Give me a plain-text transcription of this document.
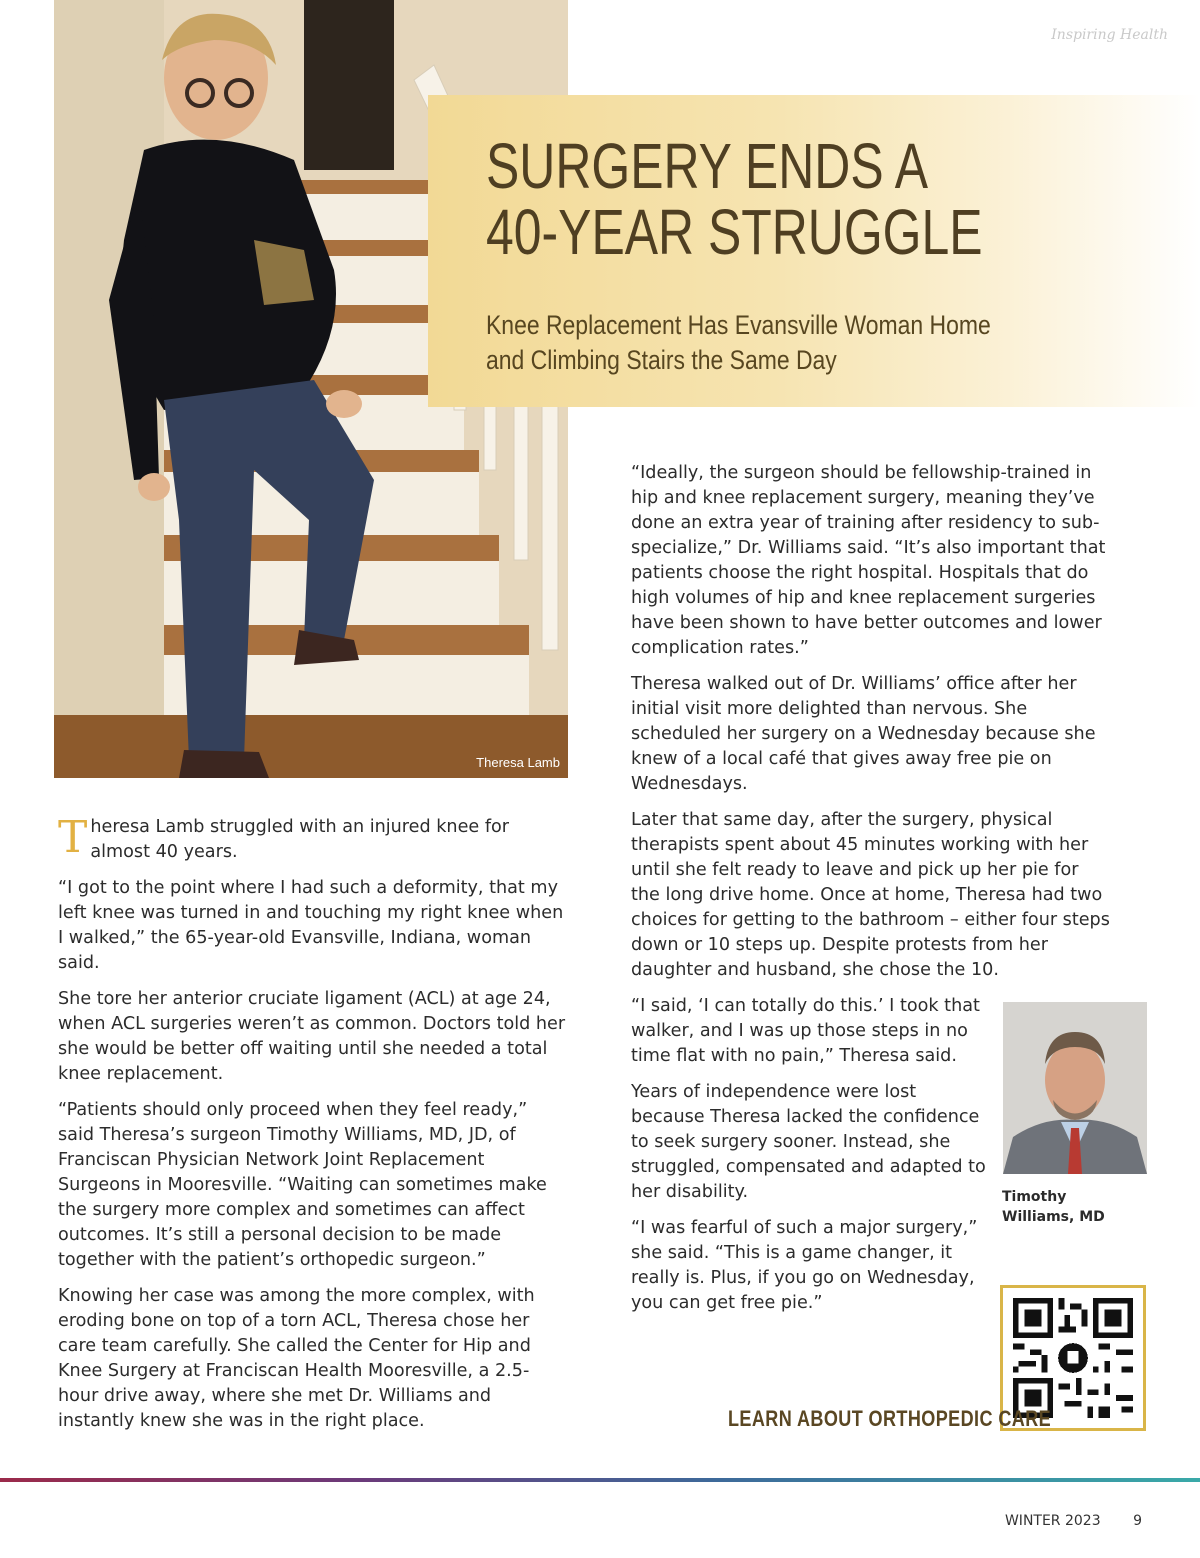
Inspiring Health
Theresa Lamb
SURGERY ENDS A
40-YEAR STRUGGLE
Knee Replacement Has Evansville Woman Home
and Climbing Stairs the Same Day

Theresa Lamb struggled with an injured knee for almost 40 years.

“I got to the point where I had such a deformity, that my left knee was turned in and touching my right knee when I walked,” the 65-year-old Evansville, Indiana, woman said.

She tore her anterior cruciate ligament (ACL) at age 24, when ACL surgeries weren’t as common. Doctors told her she would be better off waiting until she needed a total knee replacement.

“Patients should only proceed when they feel ready,” said Theresa’s surgeon Timothy Williams, MD, JD, of Franciscan Physician Network Joint Replacement Surgeons in Mooresville. “Waiting can sometimes make the surgery more complex and sometimes can affect outcomes. It’s still a personal decision to be made together with the patient’s orthopedic surgeon.”

Knowing her case was among the more complex, with eroding bone on top of a torn ACL, Theresa chose her care team carefully. She called the Center for Hip and Knee Surgery at Franciscan Health Mooresville, a 2.5-hour drive away, where she met Dr. Williams and instantly knew she was in the right place.

“Ideally, the surgeon should be fellowship-trained in hip and knee replacement surgery, meaning they’ve done an extra year of training after residency to sub-specialize,” Dr. Williams said. “It’s also important that patients choose the right hospital. Hospitals that do high volumes of hip and knee replacement surgeries have been shown to have better outcomes and lower complication rates.”

Theresa walked out of Dr. Williams’ office after her initial visit more delighted than nervous. She scheduled her surgery on a Wednesday because she knew of a local café that gives away free pie on Wednesdays.

Later that same day, after the surgery, physical therapists spent about 45 minutes working with her until she felt ready to leave and pick up her pie for the long drive home. Once at home, Theresa had two choices for getting to the bathroom – either four steps down or 10 steps up. Despite protests from her daughter and husband, she chose the 10.

“I said, ‘I can totally do this.’ I took that walker, and I was up those steps in no time flat with no pain,” Theresa said.

Years of independence were lost because Theresa lacked the confidence to seek surgery sooner. Instead, she struggled, compensated and adapted to her disability.

“I was fearful of such a major surgery,” she said. “This is a game changer, it really is. Plus, if you go on Wednesday, you can get free pie.”

Timothy
Williams, MD
LEARN ABOUT ORTHOPEDIC CARE
WINTER 2023 9
